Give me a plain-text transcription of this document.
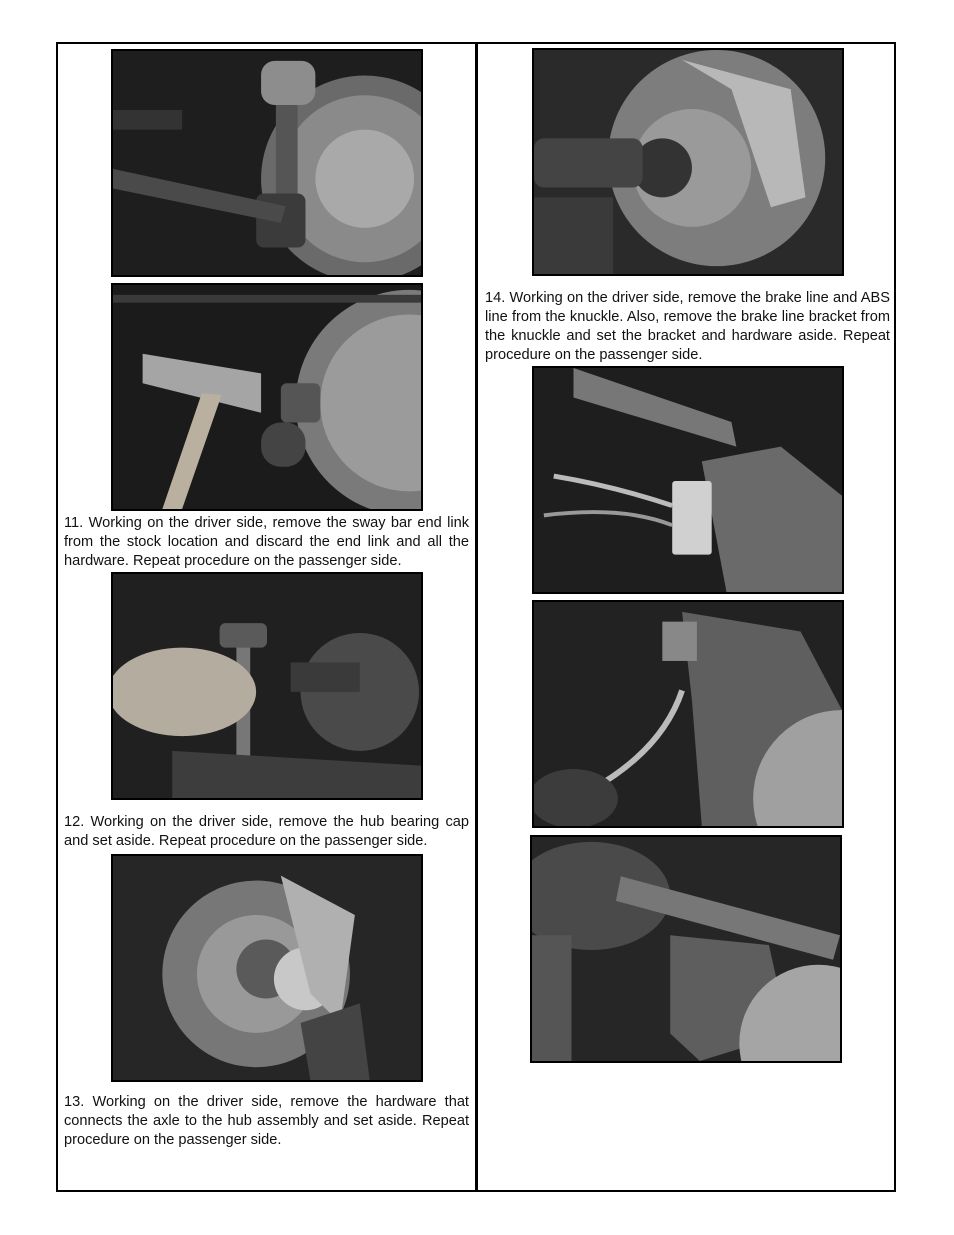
11. Working on the driver side, remove the sway bar end link from the stock location and discard the end link and all the hardware. Repeat procedure on the passenger side.

12. Working on the driver side, remove the hub bearing cap and set aside. Repeat procedure on the passenger side.

13. Working on the driver side, remove the hardware that connects the axle to the hub assembly and set aside. Repeat procedure on the passenger side.

14. Working on the driver side, remove the brake line and ABS line from the knuckle. Also, remove the brake line bracket from the knuckle and set the bracket and hardware aside. Repeat procedure on the passenger side.
